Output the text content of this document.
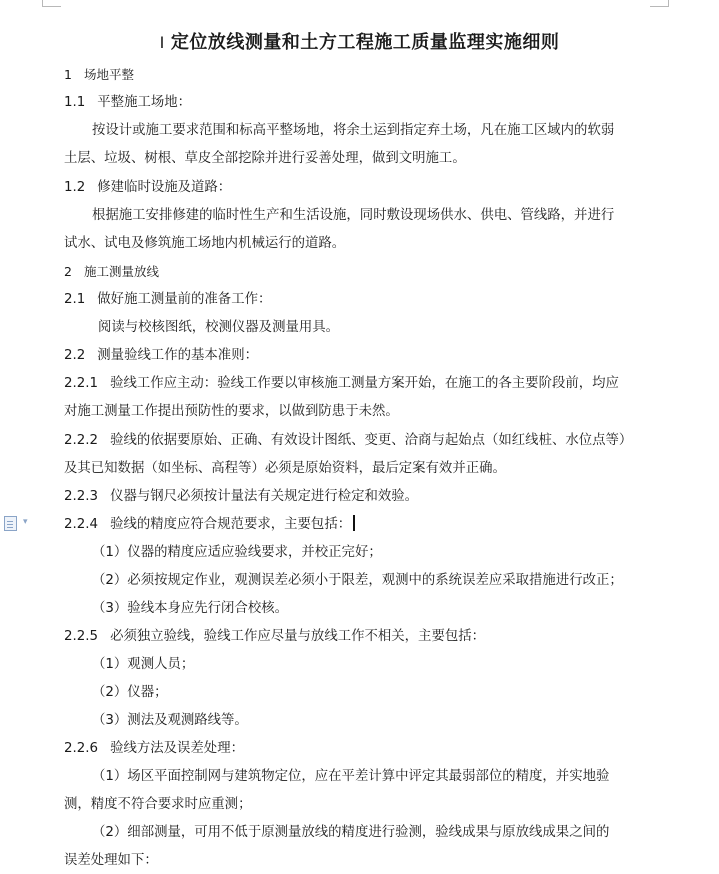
I 定位放线测量和土方工程施工质量监理实施细则
1 场地平整
1.1 平整施工场地：
按设计或施工要求范围和标高平整场地，将余土运到指定弃土场，凡在施工区域内的软弱
土层、垃圾、树根、草皮全部挖除并进行妥善处理，做到文明施工。
1.2 修建临时设施及道路：
根据施工安排修建的临时性生产和生活设施，同时敷设现场供水、供电、管线路，并进行
试水、试电及修筑施工场地内机械运行的道路。
2 施工测量放线
2.1 做好施工测量前的准备工作：
阅读与校核图纸，校测仪器及测量用具。
2.2 测量验线工作的基本准则：
2.2.1 验线工作应主动：验线工作要以审核施工测量方案开始，在施工的各主要阶段前，均应
对施工测量工作提出预防性的要求，以做到防患于未然。
2.2.2 验线的依据要原始、正确、有效设计图纸、变更、洽商与起始点（如红线桩、水位点等）
及其已知数据（如坐标、高程等）必须是原始资料，最后定案有效并正确。
2.2.3 仪器与钢尺必须按计量法有关规定进行检定和效验。
▾	2.2.4 验线的精度应符合规范要求，主要包括：
（1）仪器的精度应适应验线要求，并校正完好；
（2）必须按规定作业，观测误差必须小于限差，观测中的系统误差应采取措施进行改正；
（3）验线本身应先行闭合校核。
2.2.5 必须独立验线，验线工作应尽量与放线工作不相关，主要包括：
（1）观测人员；
（2）仪器；
（3）测法及观测路线等。
2.2.6 验线方法及误差处理：
（1）场区平面控制网与建筑物定位，应在平差计算中评定其最弱部位的精度，并实地验
测，精度不符合要求时应重测；
（2）细部测量，可用不低于原测量放线的精度进行验测，验线成果与原放线成果之间的
误差处理如下：
